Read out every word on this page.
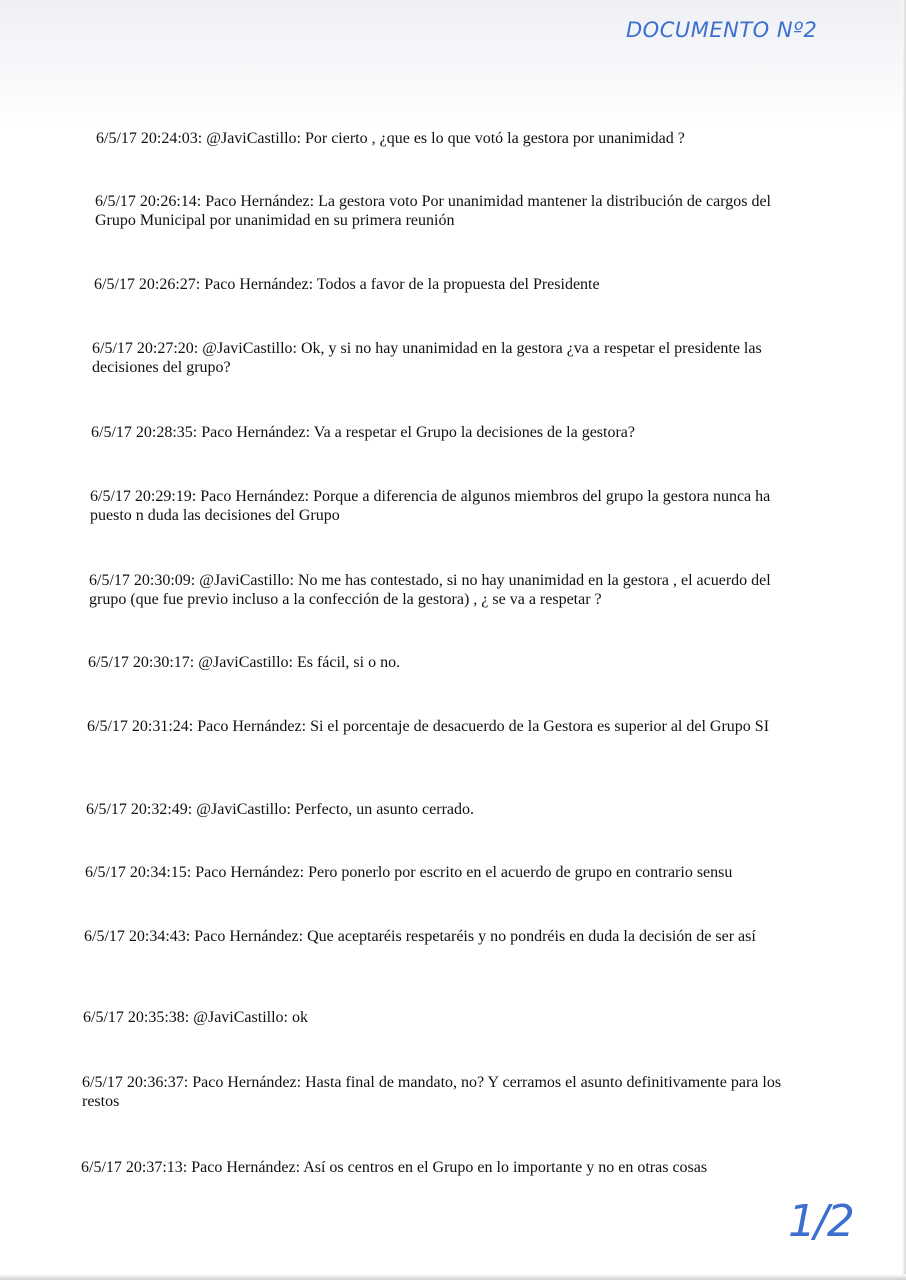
DOCUMENTO Nº2
6/5/17 20:24:03: @JaviCastillo: Por cierto , ¿que es lo que votó la gestora por unanimidad ?
6/5/17 20:26:14: Paco Hernández: La gestora voto Por unanimidad mantener la distribución de cargos del Grupo Municipal por unanimidad en su primera reunión
6/5/17 20:26:27: Paco Hernández: Todos a favor de la propuesta del Presidente
6/5/17 20:27:20: @JaviCastillo: Ok, y si no hay unanimidad en la gestora ¿va a respetar el presidente las decisiones del grupo?
6/5/17 20:28:35: Paco Hernández: Va a respetar el Grupo la decisiones de la gestora?
6/5/17 20:29:19: Paco Hernández: Porque a diferencia de algunos miembros del grupo la gestora nunca ha puesto n duda las decisiones del Grupo
6/5/17 20:30:09: @JaviCastillo: No me has contestado, si no hay unanimidad en la gestora , el acuerdo del grupo (que fue previo incluso a la confección de la gestora) , ¿ se va a respetar ?
6/5/17 20:30:17: @JaviCastillo: Es fácil, si o no.
6/5/17 20:31:24: Paco Hernández: Si el porcentaje de desacuerdo de la Gestora es superior al del Grupo SI
6/5/17 20:32:49: @JaviCastillo: Perfecto, un asunto cerrado.
6/5/17 20:34:15: Paco Hernández: Pero ponerlo por escrito en el acuerdo de grupo en contrario sensu
6/5/17 20:34:43: Paco Hernández: Que aceptaréis respetaréis y no pondréis en duda la decisión de ser así
6/5/17 20:35:38: @JaviCastillo: ok
6/5/17 20:36:37: Paco Hernández: Hasta final de mandato, no? Y cerramos el asunto definitivamente para los restos
6/5/17 20:37:13: Paco Hernández: Así os centros en el Grupo en lo importante y no en otras cosas
1/2
